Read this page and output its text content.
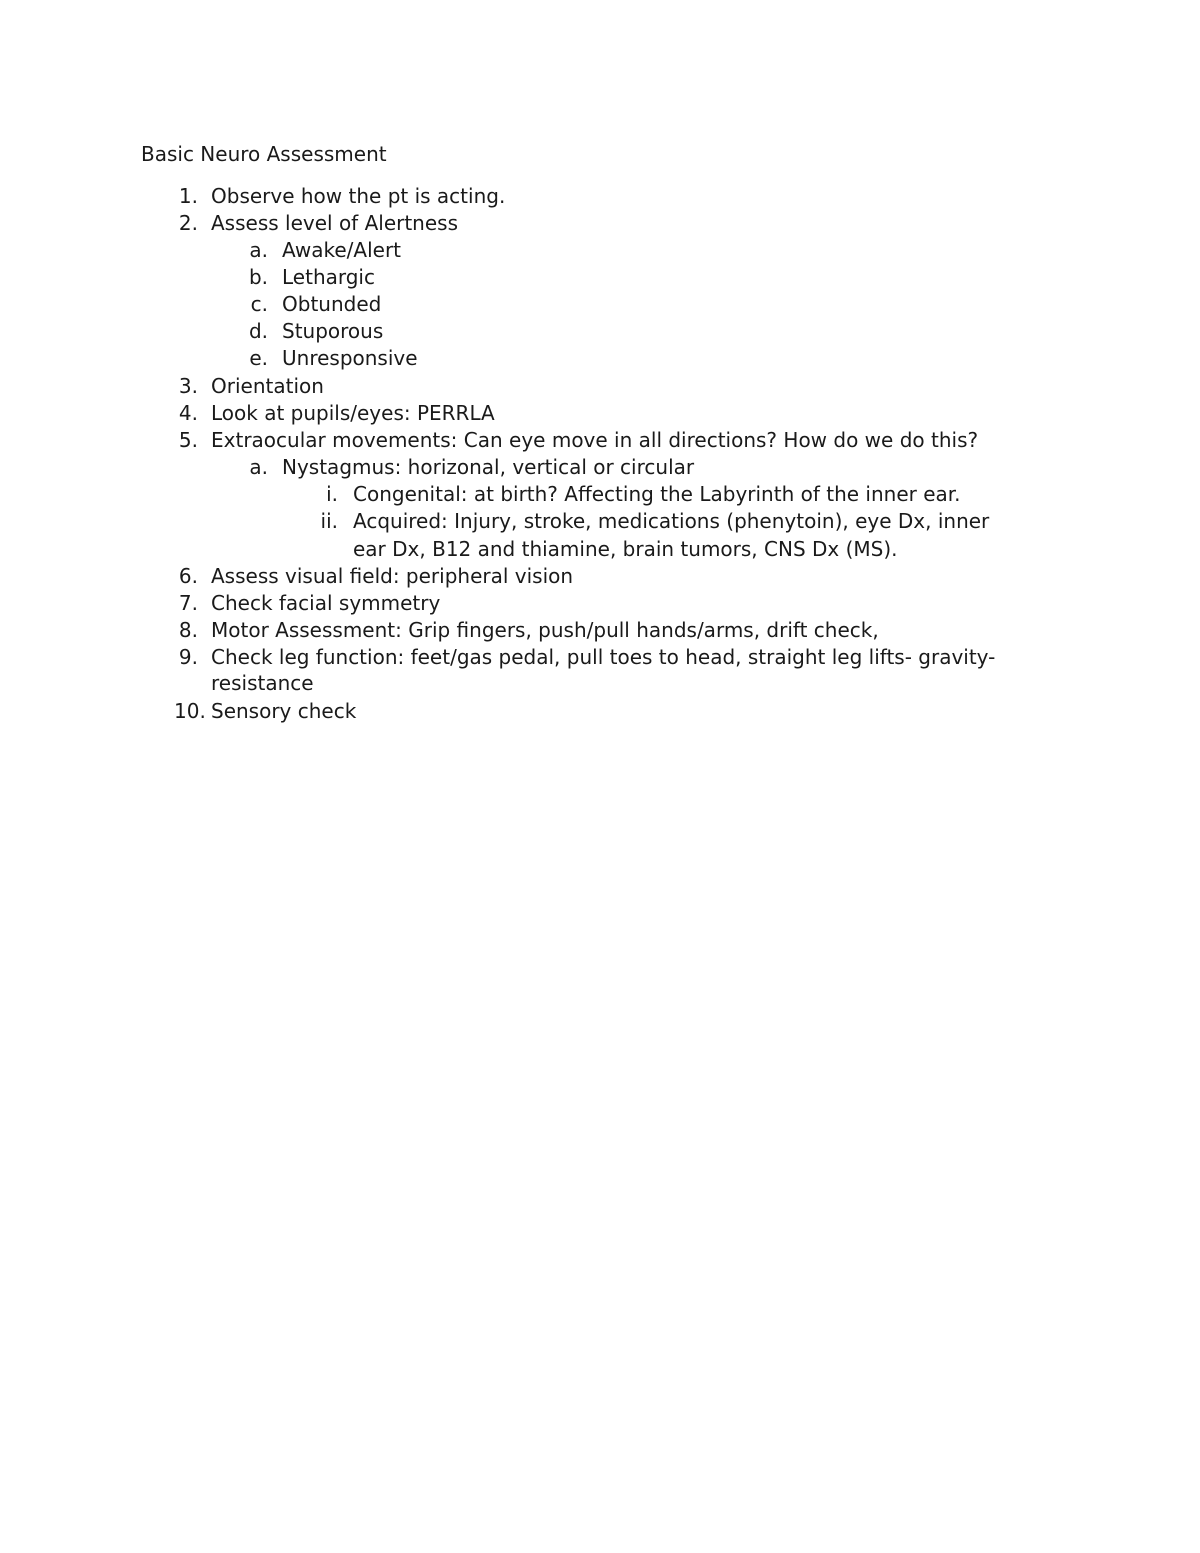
Basic Neuro Assessment
1. Observe how the pt is acting.
2. Assess level of Alertness
a. Awake/Alert
b. Lethargic
c. Obtunded
d. Stuporous
e. Unresponsive
3. Orientation
4. Look at pupils/eyes: PERRLA
5. Extraocular movements: Can eye move in all directions? How do we do this?
a. Nystagmus: horizonal, vertical or circular
i. Congenital: at birth? Affecting the Labyrinth of the inner ear.
ii. Acquired: Injury, stroke, medications (phenytoin), eye Dx, inner
ear Dx, B12 and thiamine, brain tumors, CNS Dx (MS).
6. Assess visual field: peripheral vision
7. Check facial symmetry
8. Motor Assessment: Grip fingers, push/pull hands/arms, drift check,
9. Check leg function: feet/gas pedal, pull toes to head, straight leg lifts- gravity-
resistance
10. Sensory check
